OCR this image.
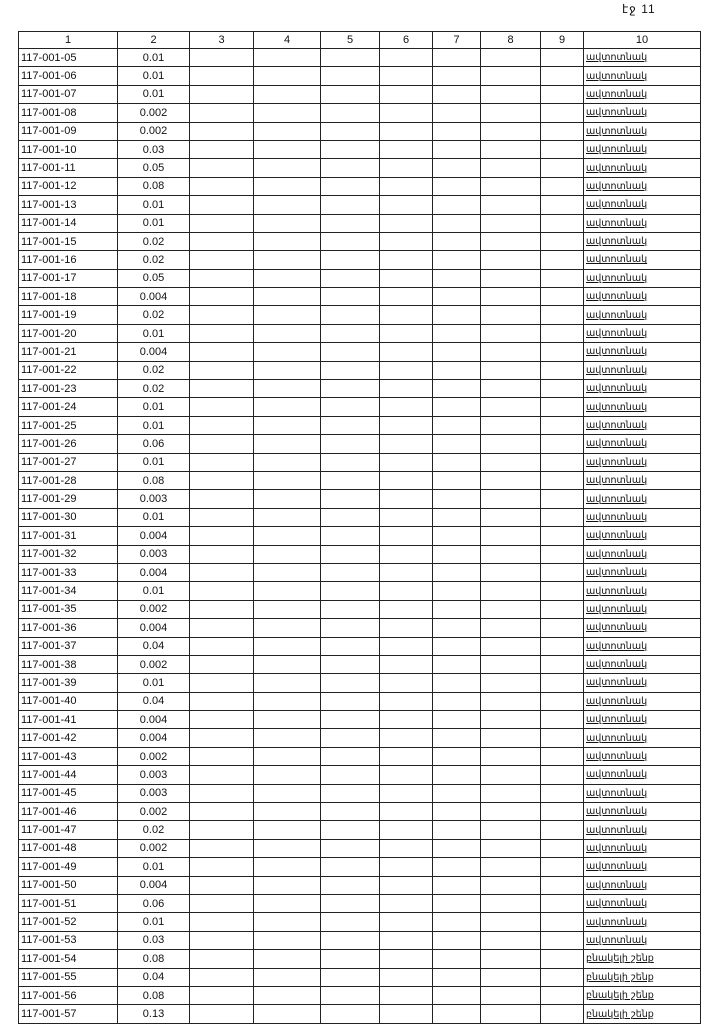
էջ 11
1	2	3	4	5	6	7	8	9	10
117-001-05	0.01								ավտոտնակ
117-001-06	0.01								ավտոտնակ
117-001-07	0.01								ավտոտնակ
117-001-08	0.002								ավտոտնակ
117-001-09	0.002								ավտոտնակ
117-001-10	0.03								ավտոտնակ
117-001-11	0.05								ավտոտնակ
117-001-12	0.08								ավտոտնակ
117-001-13	0.01								ավտոտնակ
117-001-14	0.01								ավտոտնակ
117-001-15	0.02								ավտոտնակ
117-001-16	0.02								ավտոտնակ
117-001-17	0.05								ավտոտնակ
117-001-18	0.004								ավտոտնակ
117-001-19	0.02								ավտոտնակ
117-001-20	0.01								ավտոտնակ
117-001-21	0.004								ավտոտնակ
117-001-22	0.02								ավտոտնակ
117-001-23	0.02								ավտոտնակ
117-001-24	0.01								ավտոտնակ
117-001-25	0.01								ավտոտնակ
117-001-26	0.06								ավտոտնակ
117-001-27	0.01								ավտոտնակ
117-001-28	0.08								ավտոտնակ
117-001-29	0.003								ավտոտնակ
117-001-30	0.01								ավտոտնակ
117-001-31	0.004								ավտոտնակ
117-001-32	0.003								ավտոտնակ
117-001-33	0.004								ավտոտնակ
117-001-34	0.01								ավտոտնակ
117-001-35	0.002								ավտոտնակ
117-001-36	0.004								ավտոտնակ
117-001-37	0.04								ավտոտնակ
117-001-38	0.002								ավտոտնակ
117-001-39	0.01								ավտոտնակ
117-001-40	0.04								ավտոտնակ
117-001-41	0.004								ավտոտնակ
117-001-42	0.004								ավտոտնակ
117-001-43	0.002								ավտոտնակ
117-001-44	0.003								ավտոտնակ
117-001-45	0.003								ավտոտնակ
117-001-46	0.002								ավտոտնակ
117-001-47	0.02								ավտոտնակ
117-001-48	0.002								ավտոտնակ
117-001-49	0.01								ավտոտնակ
117-001-50	0.004								ավտոտնակ
117-001-51	0.06								ավտոտնակ
117-001-52	0.01								ավտոտնակ
117-001-53	0.03								ավտոտնակ
117-001-54	0.08								բնակելի շենք
117-001-55	0.04								բնակելի շենք
117-001-56	0.08								բնակելի շենք
117-001-57	0.13								բնակելի շենք
